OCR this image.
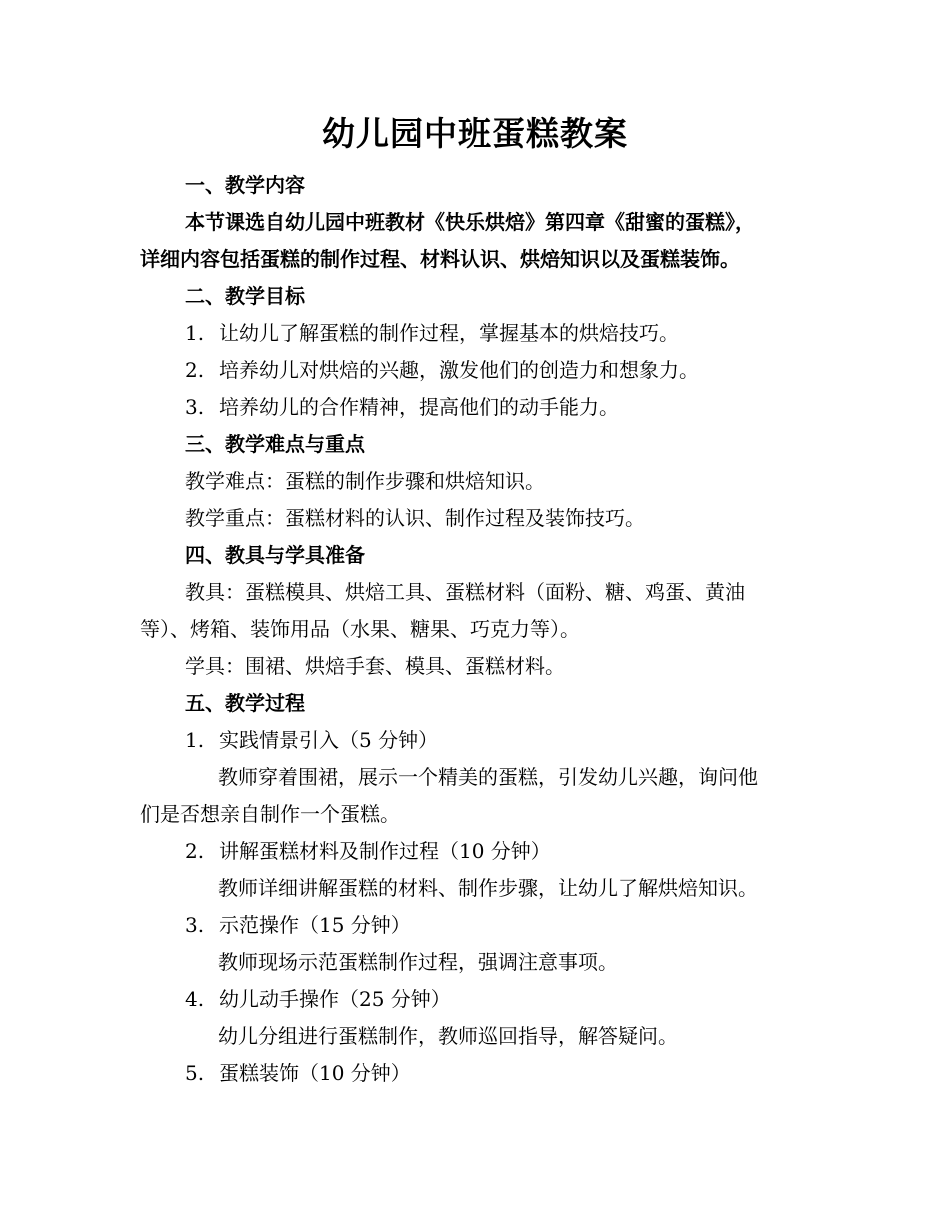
幼儿园中班蛋糕教案

一、教学内容

本节课选自幼儿园中班教材《快乐烘焙》第四章《甜蜜的蛋糕》，

详细内容包括蛋糕的制作过程、材料认识、烘焙知识以及蛋糕装饰。

二、教学目标

1. 让幼儿了解蛋糕的制作过程，掌握基本的烘焙技巧。

2. 培养幼儿对烘焙的兴趣，激发他们的创造力和想象力。

3. 培养幼儿的合作精神，提高他们的动手能力。

三、教学难点与重点

教学难点：蛋糕的制作步骤和烘焙知识。

教学重点：蛋糕材料的认识、制作过程及装饰技巧。

四、教具与学具准备

教具：蛋糕模具、烘焙工具、蛋糕材料（面粉、糖、鸡蛋、黄油

等）、烤箱、装饰用品（水果、糖果、巧克力等）。

学具：围裙、烘焙手套、模具、蛋糕材料。

五、教学过程

1. 实践情景引入（5 分钟）

教师穿着围裙，展示一个精美的蛋糕，引发幼儿兴趣，询问他

们是否想亲自制作一个蛋糕。

2. 讲解蛋糕材料及制作过程（10 分钟）

教师详细讲解蛋糕的材料、制作步骤，让幼儿了解烘焙知识。

3. 示范操作（15 分钟）

教师现场示范蛋糕制作过程，强调注意事项。

4. 幼儿动手操作（25 分钟）

幼儿分组进行蛋糕制作，教师巡回指导，解答疑问。

5. 蛋糕装饰（10 分钟）
